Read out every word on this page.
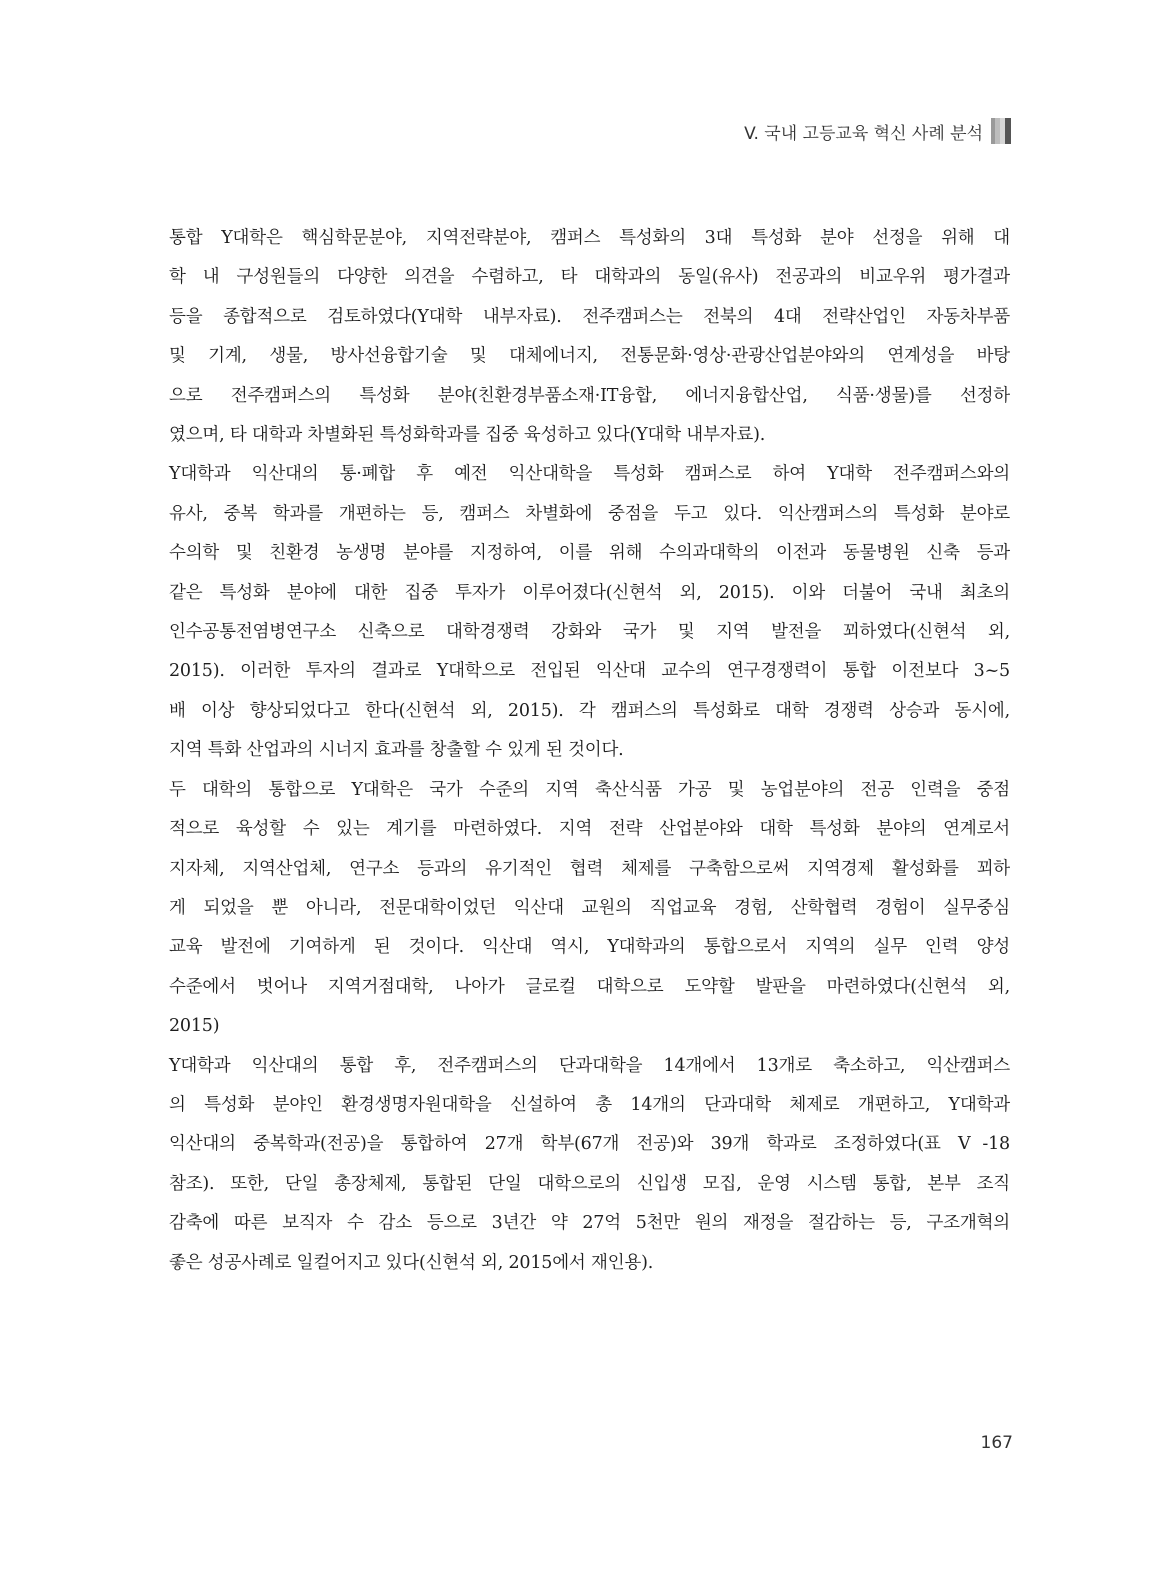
V. 국내 고등교육 혁신 사례 분석

통합 Y대학은 핵심학문분야, 지역전략분야, 캠퍼스 특성화의 3대 특성화 분야 선정을 위해 대
학 내 구성원들의 다양한 의견을 수렴하고, 타 대학과의 동일(유사) 전공과의 비교우위 평가결과
등을 종합적으로 검토하였다(Y대학 내부자료). 전주캠퍼스는 전북의 4대 전략산업인 자동차부품
및 기계, 생물, 방사선융합기술 및 대체에너지, 전통문화·영상·관광산업분야와의 연계성을 바탕
으로 전주캠퍼스의 특성화 분야(친환경부품소재·IT융합, 에너지융합산업, 식품·생물)를 선정하
였으며, 타 대학과 차별화된 특성화학과를 집중 육성하고 있다(Y대학 내부자료).

Y대학과 익산대의 통·폐합 후 예전 익산대학을 특성화 캠퍼스로 하여 Y대학 전주캠퍼스와의
유사, 중복 학과를 개편하는 등, 캠퍼스 차별화에 중점을 두고 있다. 익산캠퍼스의 특성화 분야로
수의학 및 친환경 농생명 분야를 지정하여, 이를 위해 수의과대학의 이전과 동물병원 신축 등과
같은 특성화 분야에 대한 집중 투자가 이루어졌다(신현석 외, 2015). 이와 더불어 국내 최초의
인수공통전염병연구소 신축으로 대학경쟁력 강화와 국가 및 지역 발전을 꾀하였다(신현석 외,
2015). 이러한 투자의 결과로 Y대학으로 전입된 익산대 교수의 연구경쟁력이 통합 이전보다 3~5
배 이상 향상되었다고 한다(신현석 외, 2015). 각 캠퍼스의 특성화로 대학 경쟁력 상승과 동시에,
지역 특화 산업과의 시너지 효과를 창출할 수 있게 된 것이다.

두 대학의 통합으로 Y대학은 국가 수준의 지역 축산식품 가공 및 농업분야의 전공 인력을 중점
적으로 육성할 수 있는 계기를 마련하였다. 지역 전략 산업분야와 대학 특성화 분야의 연계로서
지자체, 지역산업체, 연구소 등과의 유기적인 협력 체제를 구축함으로써 지역경제 활성화를 꾀하
게 되었을 뿐 아니라, 전문대학이었던 익산대 교원의 직업교육 경험, 산학협력 경험이 실무중심
교육 발전에 기여하게 된 것이다. 익산대 역시, Y대학과의 통합으로서 지역의 실무 인력 양성
수준에서 벗어나 지역거점대학, 나아가 글로컬 대학으로 도약할 발판을 마련하였다(신현석 외,
2015)

Y대학과 익산대의 통합 후, 전주캠퍼스의 단과대학을 14개에서 13개로 축소하고, 익산캠퍼스
의 특성화 분야인 환경생명자원대학을 신설하여 총 14개의 단과대학 체제로 개편하고, Y대학과
익산대의 중복학과(전공)을 통합하여 27개 학부(67개 전공)와 39개 학과로 조정하였다(표 Ⅴ-18
참조). 또한, 단일 총장체제, 통합된 단일 대학으로의 신입생 모집, 운영 시스템 통합, 본부 조직
감축에 따른 보직자 수 감소 등으로 3년간 약 27억 5천만 원의 재정을 절감하는 등, 구조개혁의
좋은 성공사례로 일컬어지고 있다(신현석 외, 2015에서 재인용).

167
